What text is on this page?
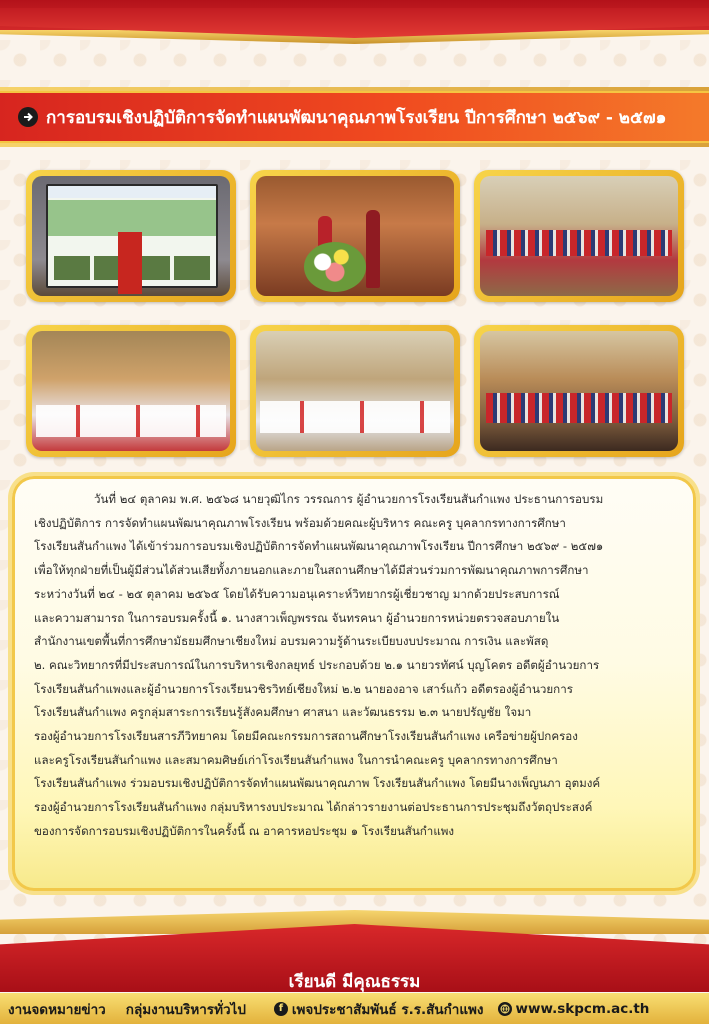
การอบรมเชิงปฏิบัติการจัดทำแผนพัฒนาคุณภาพโรงเรียน ปีการศึกษา ๒๕๖๙ - ๒๕๗๑
วันที่ ๒๔ ตุลาคม พ.ศ. ๒๕๖๘ นายวุฒิไกร วรรณการ ผู้อำนวยการโรงเรียนสันกำแพง ประธานการอบรม
เชิงปฏิบัติการ การจัดทำแผนพัฒนาคุณภาพโรงเรียน พร้อมด้วยคณะผู้บริหาร คณะครู บุคลากรทางการศึกษา
โรงเรียนสันกำแพง ได้เข้าร่วมการอบรมเชิงปฏิบัติการจัดทำแผนพัฒนาคุณภาพโรงเรียน ปีการศึกษา ๒๕๖๙ - ๒๕๗๑
เพื่อให้ทุกฝ่ายที่เป็นผู้มีส่วนได้ส่วนเสียทั้งภายนอกและภายในสถานศึกษาได้มีส่วนร่วมการพัฒนาคุณภาพการศึกษา
ระหว่างวันที่ ๒๔ - ๒๕ ตุลาคม ๒๕๖๕ โดยได้รับความอนุเคราะห์วิทยากรผู้เชี่ยวชาญ มากด้วยประสบการณ์
และความสามารถ ในการอบรมครั้งนี้ ๑. นางสาวเพ็ญพรรณ จันทรคนา ผู้อำนวยการหน่วยตรวจสอบภายใน
สำนักงานเขตพื้นที่การศึกษามัธยมศึกษาเชียงใหม่ อบรมความรู้ด้านระเบียบงบประมาณ การเงิน และพัสดุ
๒. คณะวิทยากรที่มีประสบการณ์ในการบริหารเชิงกลยุทธ์ ประกอบด้วย ๒.๑ นายวรทัศน์ บุญโคตร อดีตผู้อำนวยการ
โรงเรียนสันกำแพงและผู้อำนวยการโรงเรียนวชิรวิทย์เชียงใหม่ ๒.๒ นายองอาจ เสาร์แก้ว อดีตรองผู้อำนวยการ
โรงเรียนสันกำแพง ครูกลุ่มสาระการเรียนรู้สังคมศึกษา ศาสนา และวัฒนธรรม ๒.๓ นายปรัญชัย ใจมา
รองผู้อำนวยการโรงเรียนสารภีวิทยาคม โดยมีคณะกรรมการสถานศึกษาโรงเรียนสันกำแพง เครือข่ายผู้ปกครอง
และครูโรงเรียนสันกำแพง และสมาคมศิษย์เก่าโรงเรียนสันกำแพง ในการนำคณะครู บุคลากรทางการศึกษา
โรงเรียนสันกำแพง ร่วมอบรมเชิงปฏิบัติการจัดทำแผนพัฒนาคุณภาพ โรงเรียนสันกำแพง โดยมีนางเพ็ญนภา อุตมงค์
รองผู้อำนวยการโรงเรียนสันกำแพง กลุ่มบริหารงบประมาณ ได้กล่าวรายงานต่อประธานการประชุมถึงวัตถุประสงค์
ของการจัดการอบรมเชิงปฏิบัติการในครั้งนี้ ณ อาคารหอประชุม ๑ โรงเรียนสันกำแพง
เรียนดี มีคุณธรรม
งานจดหมายข่าว กลุ่มงานบริหารทั่วไป	f เพจประชาสัมพันธ์ ร.ร.สันกำแพง www.skpcm.ac.th
